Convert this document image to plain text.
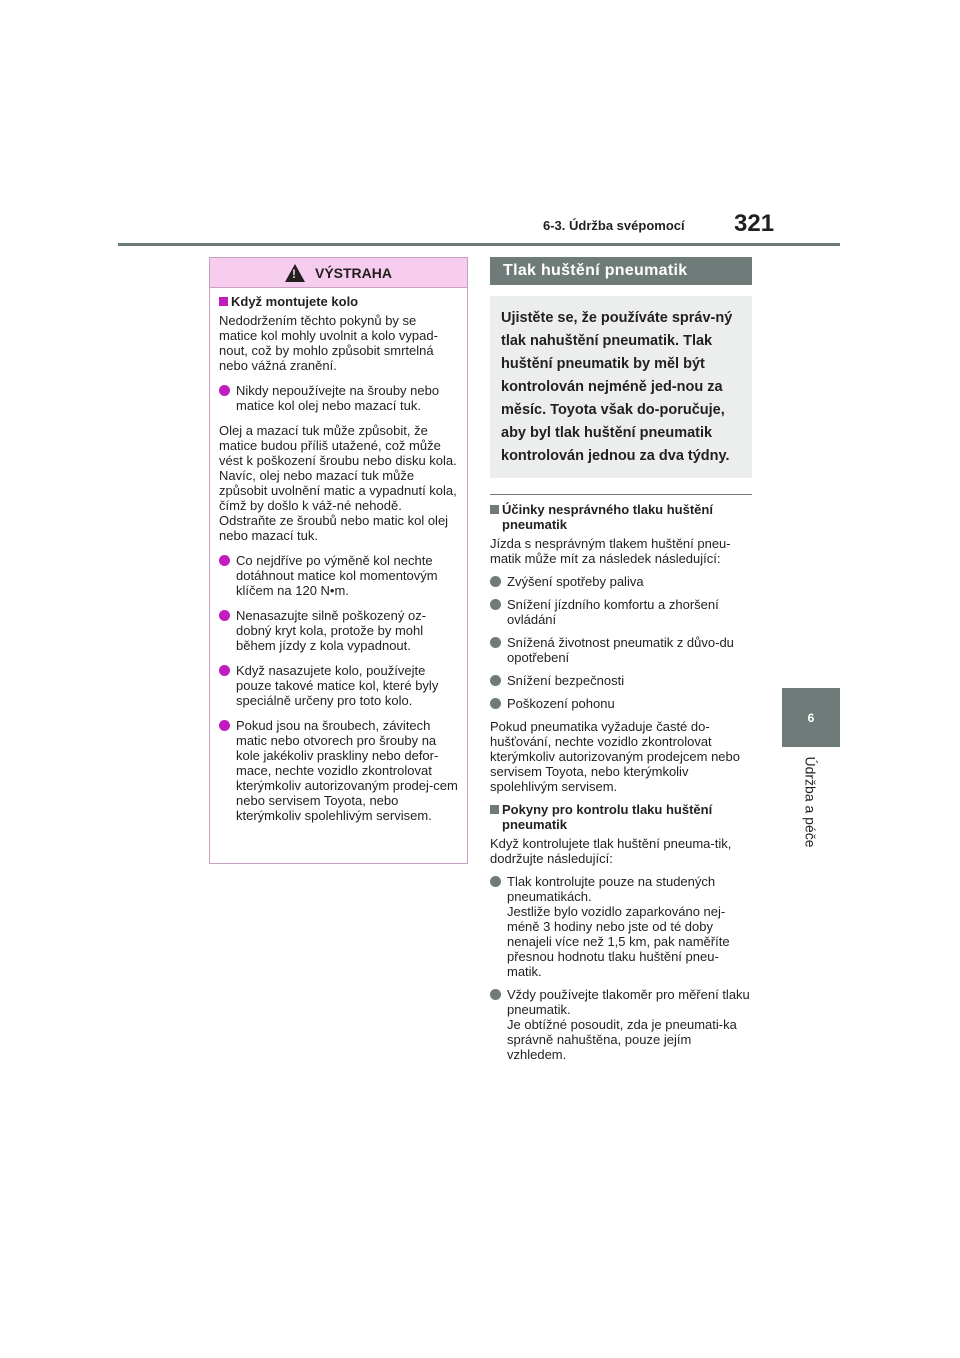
6-3. Údržba svépomocí 321
6
Údržba a péče
!
VÝSTRAHA
Když montujete kolo

Nedodržením těchto pokynů by se matice kol mohly uvolnit a kolo vypad-nout, což by mohlo způsobit smrtelná nebo vážná zranění.

Nikdy nepoužívejte na šrouby nebo matice kol olej nebo mazací tuk.

Olej a mazací tuk může způsobit, že matice budou příliš utažené, což může vést k poškození šroubu nebo disku kola. Navíc, olej nebo mazací tuk může způsobit uvolnění matic a vypadnutí kola, čímž by došlo k váž-né nehodě. Odstraňte ze šroubů nebo matic kol olej nebo mazací tuk.

Co nejdříve po výměně kol nechte dotáhnout matice kol momentovým klíčem na 120 N•m.
Nenasazujte silně poškozený oz-dobný kryt kola, protože by mohl během jízdy z kola vypadnout.
Když nasazujete kolo, používejte pouze takové matice kol, které byly speciálně určeny pro toto kolo.
Pokud jsou na šroubech, závitech matic nebo otvorech pro šrouby na kole jakékoliv praskliny nebo defor-mace, nechte vozidlo zkontrolovat kterýmkoliv autorizovaným prodej-cem nebo servisem Toyota, nebo kterýmkoliv spolehlivým servisem.
Tlak huštění pneumatik
Ujistěte se, že používáte správ-ný tlak nahuštění pneumatik. Tlak huštění pneumatik by měl být kontrolován nejméně jed-nou za měsíc. Toyota však do-poručuje, aby byl tlak huštění pneumatik kontrolován jednou za dva týdny.
Účinky nesprávného tlaku huštění pneumatik

Jízda s nesprávným tlakem huštění pneu-matik může mít za následek následující:

Zvýšení spotřeby paliva
Snížení jízdního komfortu a zhoršení ovládání
Snížená životnost pneumatik z důvo-du opotřebení
Snížení bezpečnosti
Poškození pohonu

Pokud pneumatika vyžaduje časté do-hušťování, nechte vozidlo zkontrolovat kterýmkoliv autorizovaným prodejcem nebo servisem Toyota, nebo kterýmkoliv spolehlivým servisem.

Pokyny pro kontrolu tlaku huštění pneumatik

Když kontrolujete tlak huštění pneuma-tik, dodržujte následující:

Tlak kontrolujte pouze na studených pneumatikách.
Jestliže bylo vozidlo zaparkováno nej-méně 3 hodiny nebo jste od té doby nenajeli více než 1,5 km, pak naměříte přesnou hodnotu tlaku huštění pneu-matik.
Vždy používejte tlakoměr pro měření tlaku pneumatik.
Je obtížné posoudit, zda je pneumati-ka správně nahuštěna, pouze jejím vzhledem.
